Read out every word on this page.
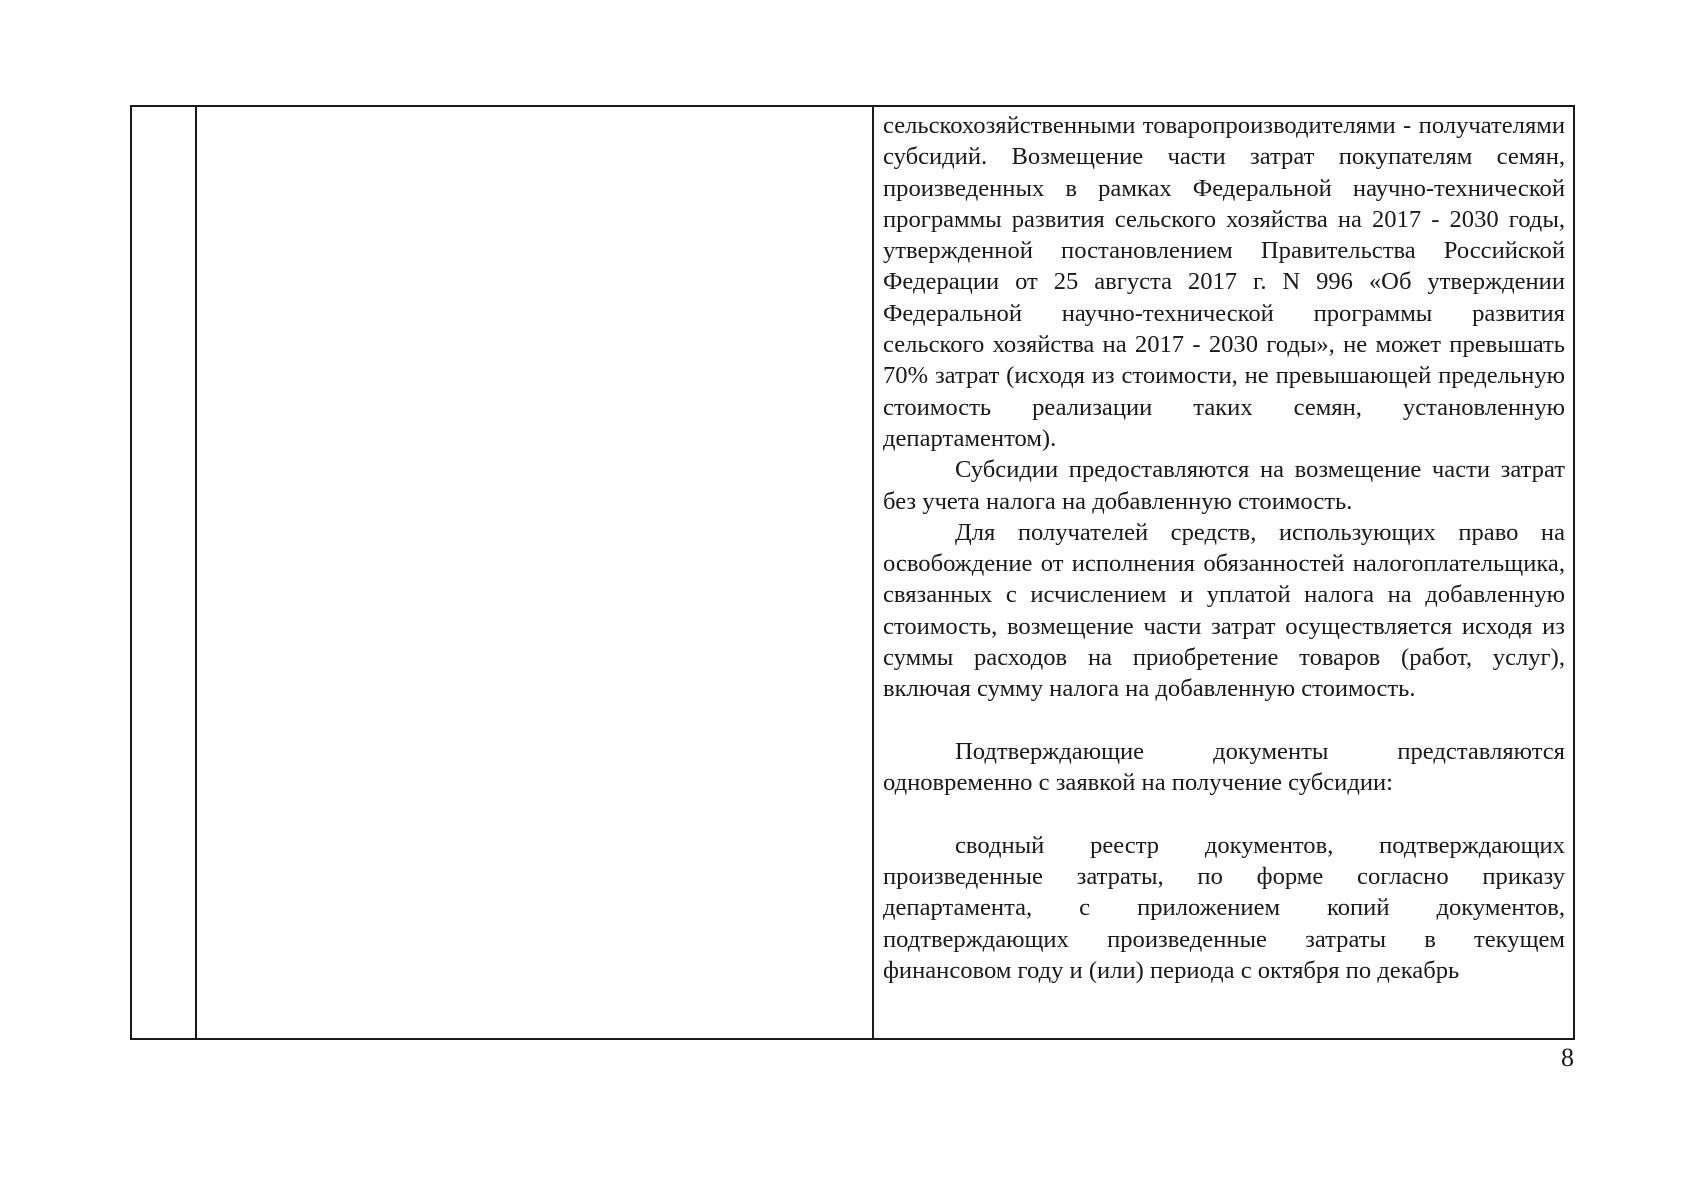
сельскохозяйственными товаропроизводителями - получателями субсидий. Возмещение части затрат покупателям семян, произведенных в рамках Федеральной научно-технической программы развития сельского хозяйства на 2017 - 2030 годы, утвержденной постановлением Правительства Российской Федерации от 25 августа 2017 г. N 996 «Об утверждении Федеральной научно-технической программы развития сельского хозяйства на 2017 - 2030 годы», не может превышать 70% затрат (исходя из стоимости, не превышающей предельную стоимость реализации таких семян, установленную департаментом).

Субсидии предоставляются на возмещение части затрат без учета налога на добавленную стоимость.

Для получателей средств, использующих право на освобождение от исполнения обязанностей налогоплательщика, связанных с исчислением и уплатой налога на добавленную стоимость, возмещение части затрат осуществляется исходя из суммы расходов на приобретение товаров (работ, услуг), включая сумму налога на добавленную стоимость.

Подтверждающие документы представляются одновременно с заявкой на получение субсидии:

сводный реестр документов, подтверждающих произведенные затраты, по форме согласно приказу департамента, с приложением копий документов, подтверждающих произведенные затраты в текущем финансовом году и (или) периода с октября по декабрь

8
